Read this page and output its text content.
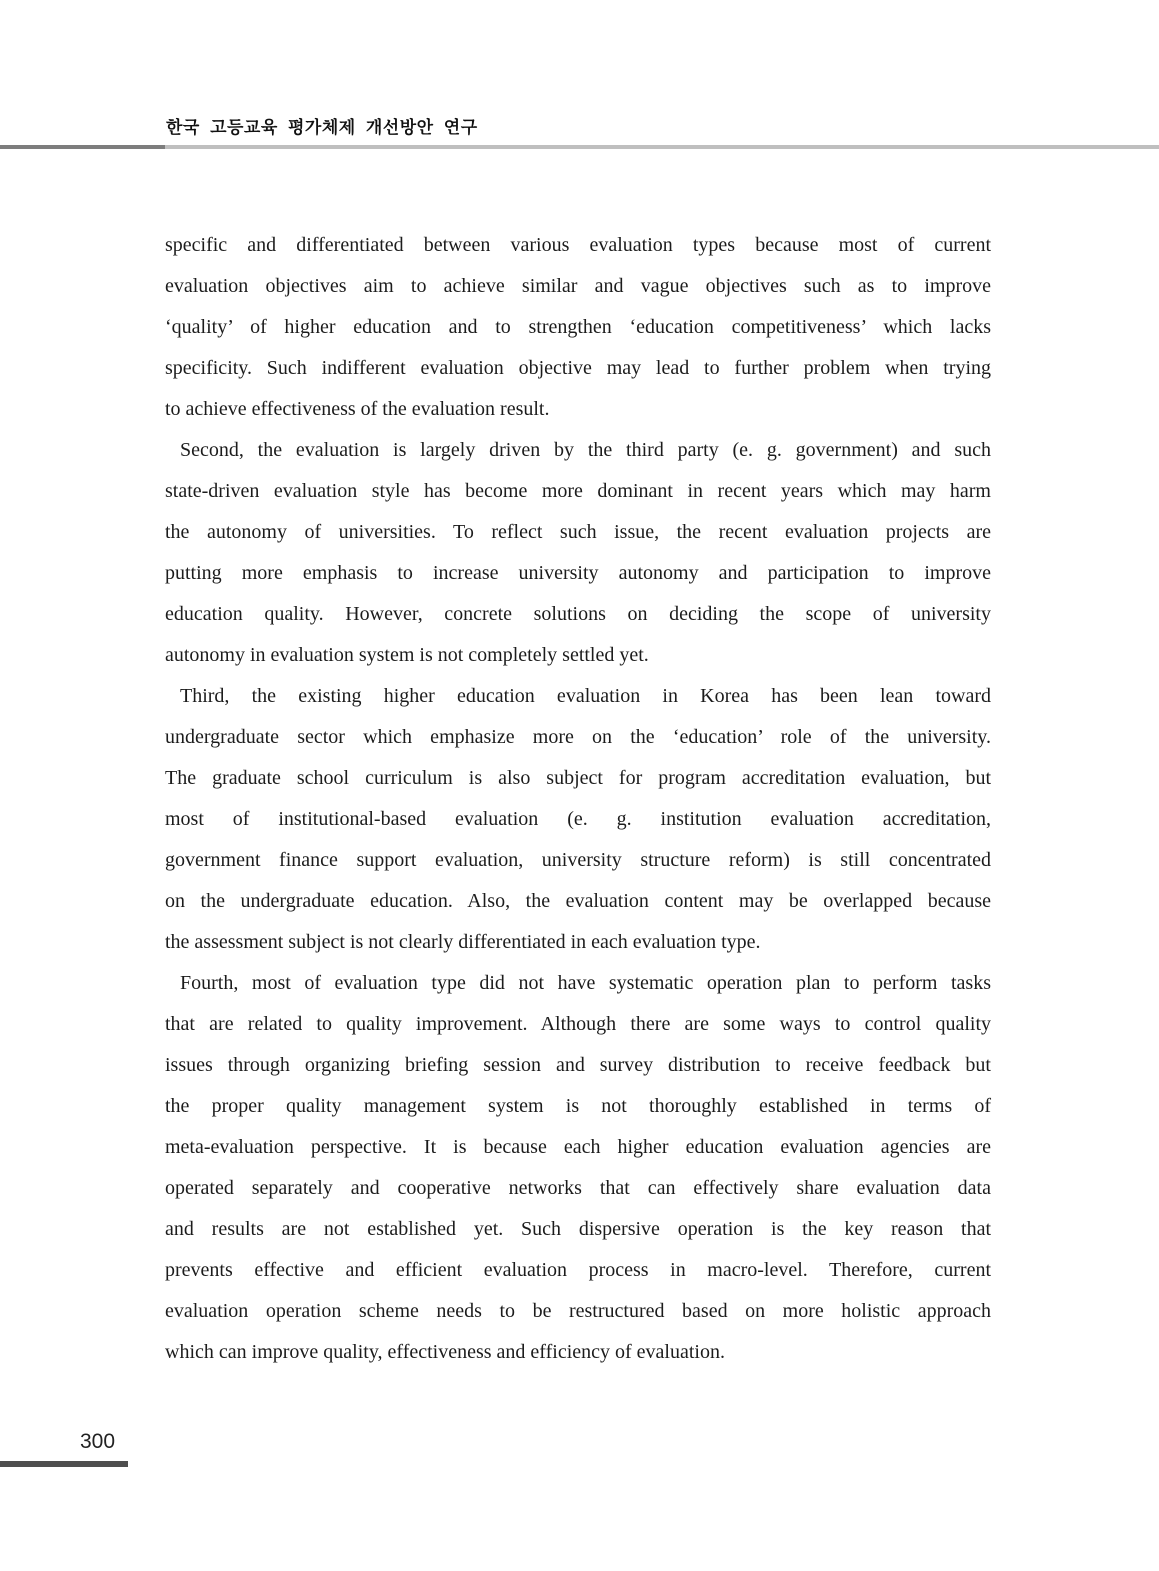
한국 고등교육 평가체제 개선방안 연구
specific and differentiated between various evaluation types because most of current
evaluation objectives aim to achieve similar and vague objectives such as to improve
‘quality’ of higher education and to strengthen ‘education competitiveness’ which lacks
specificity. Such indifferent evaluation objective may lead to further problem when trying
to achieve effectiveness of the evaluation result.
Second, the evaluation is largely driven by the third party (e. g. government) and such
state-driven evaluation style has become more dominant in recent years which may harm
the autonomy of universities. To reflect such issue, the recent evaluation projects are
putting more emphasis to increase university autonomy and participation to improve
education quality. However, concrete solutions on deciding the scope of university
autonomy in evaluation system is not completely settled yet.
Third, the existing higher education evaluation in Korea has been lean toward
undergraduate sector which emphasize more on the ‘education’ role of the university.
The graduate school curriculum is also subject for program accreditation evaluation, but
most of institutional-based evaluation (e. g. institution evaluation accreditation,
government finance support evaluation, university structure reform) is still concentrated
on the undergraduate education. Also, the evaluation content may be overlapped because
the assessment subject is not clearly differentiated in each evaluation type.
Fourth, most of evaluation type did not have systematic operation plan to perform tasks
that are related to quality improvement. Although there are some ways to control quality
issues through organizing briefing session and survey distribution to receive feedback but
the proper quality management system is not thoroughly established in terms of
meta-evaluation perspective. It is because each higher education evaluation agencies are
operated separately and cooperative networks that can effectively share evaluation data
and results are not established yet. Such dispersive operation is the key reason that
prevents effective and efficient evaluation process in macro-level. Therefore, current
evaluation operation scheme needs to be restructured based on more holistic approach
which can improve quality, effectiveness and efficiency of evaluation.
300
